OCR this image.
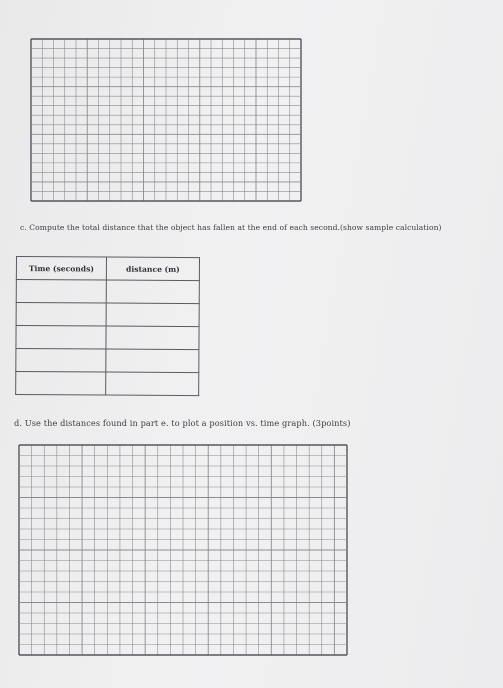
c. Compute the total distance that the object has fallen at the end of each second.(show sample calculation)

Time (seconds)	distance (m)

d. Use the distances found in part e. to plot a position vs. time graph. (3points)
